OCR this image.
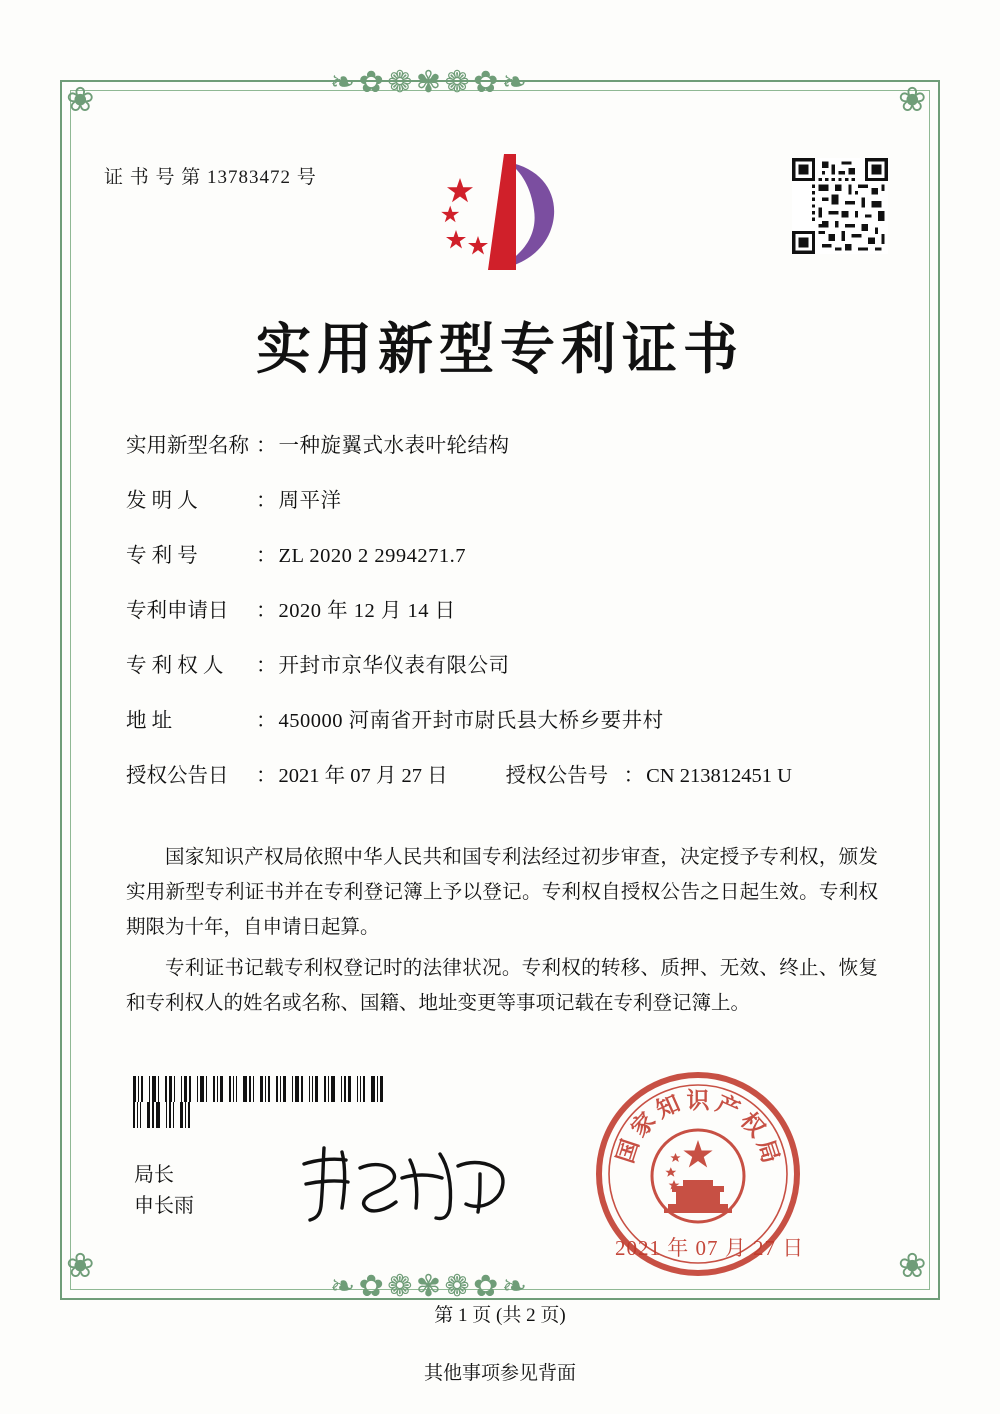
❧ ✿ ❁ ✾ ❁ ✿ ❧
❧ ✿ ❁ ✾ ❁ ✿ ❧
❀	❀
❀	❀
证 书 号 第 13783472 号
实用新型专利证书
实用新型名称 ： 一种旋翼式水表叶轮结构
发 明 人	： 周平洋
专 利 号	： ZL 2020 2 2994271.7
专利申请日	： 2020 年 12 月 14 日
专 利 权 人	： 开封市京华仪表有限公司
地 址	： 450000 河南省开封市尉氏县大桥乡要井村
授权公告日	： 2021 年 07 月 27 日	授权公告号 ： CN 213812451 U

国家知识产权局依照中华人民共和国专利法经过初步审查，决定授予专利权，颁发实用新型专利证书并在专利登记簿上予以登记。专利权自授权公告之日起生效。专利权期限为十年，自申请日起算。

专利证书记载专利权登记时的法律状况。专利权的转移、质押、无效、终止、恢复和专利权人的姓名或名称、国籍、地址变更等事项记载在专利登记簿上。

局长
申长雨
国
家
知 识 产
权
局
2021 年 07 月 27 日
第 1 页 (共 2 页)
其他事项参见背面
